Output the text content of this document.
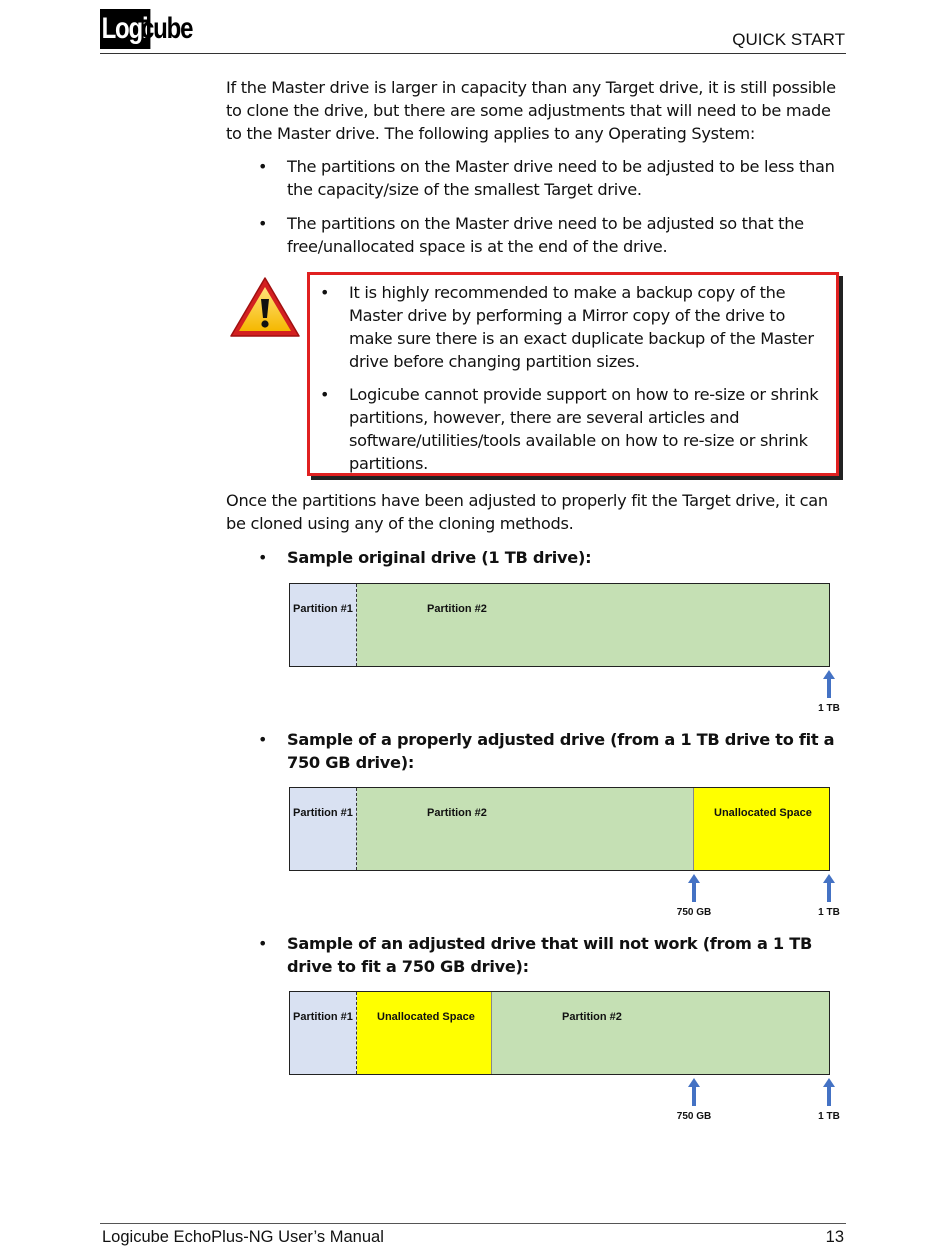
Logi
cube	QUICK START
If the Master drive is larger in capacity than any Target drive, it is still possible to clone the drive, but there are some adjustments that will need to be made to the Master drive. The following applies to any Operating System:
• The partitions on the Master drive need to be adjusted to be less than the capacity/size of the smallest Target drive.
• The partitions on the Master drive need to be adjusted so that the free/unallocated space is at the end of the drive.
• It is highly recommended to make a backup copy of the Master drive by performing a Mirror copy of the drive to make sure there is an exact duplicate backup of the Master drive before changing partition sizes.
• Logicube cannot provide support on how to re-size or shrink partitions, however, there are several articles and software/utilities/tools available on how to re-size or shrink partitions.
Once the partitions have been adjusted to properly fit the Target drive, it can be cloned using any of the cloning methods.
• Sample original drive (1 TB drive):
Partition #1	Partition #2
1 TB
• Sample of a properly adjusted drive (from a 1 TB drive to fit a 750 GB drive):
Partition #1	Partition #2	Unallocated Space
750 GB	1 TB
• Sample of an adjusted drive that will not work (from a 1 TB drive to fit a 750 GB drive):
Partition #1 Unallocated Space	Partition #2
750 GB	1 TB
Logicube EchoPlus-NG User’s Manual	13
